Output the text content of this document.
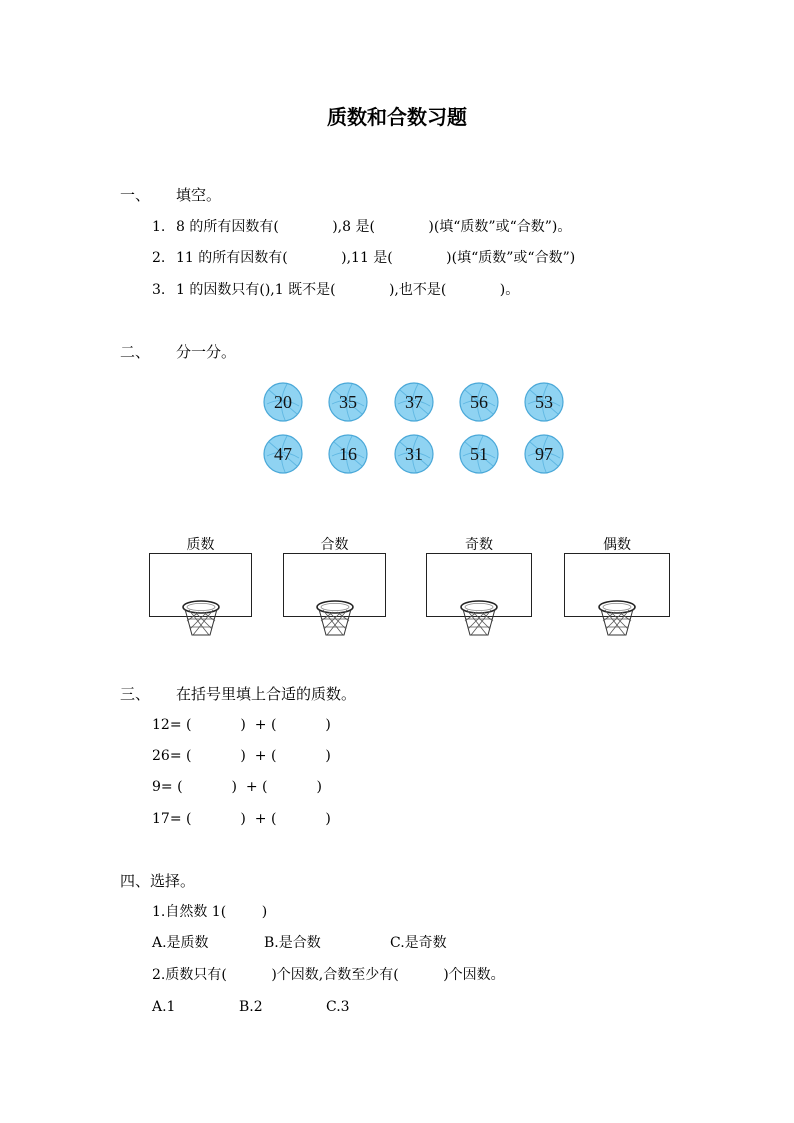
质数和合数习题
一、 填空。
1. 8 的所有因数有(            ),8 是(            )(填“质数”或“合数”)。
2. 11 的所有因数有(            ),11 是(            )(填“质数”或“合数”)
3. 1 的因数只有(),1 既不是(            ),也不是(            )。
二、 分一分。
20	35	37	56	53
47	16	31	51	97
质数	合数	奇数	偶数
三、 在括号里填上合适的质数。
12= (           )  + (           )
26= (           )  + (           )
9= (           )  + (           )
17= (           )  + (           )
四、选择。
1.自然数 1(        )
A.是质数	B.是合数	C.是奇数
2.质数只有(          )个因数,合数至少有(          )个因数。
A.1	B.2	C.3
